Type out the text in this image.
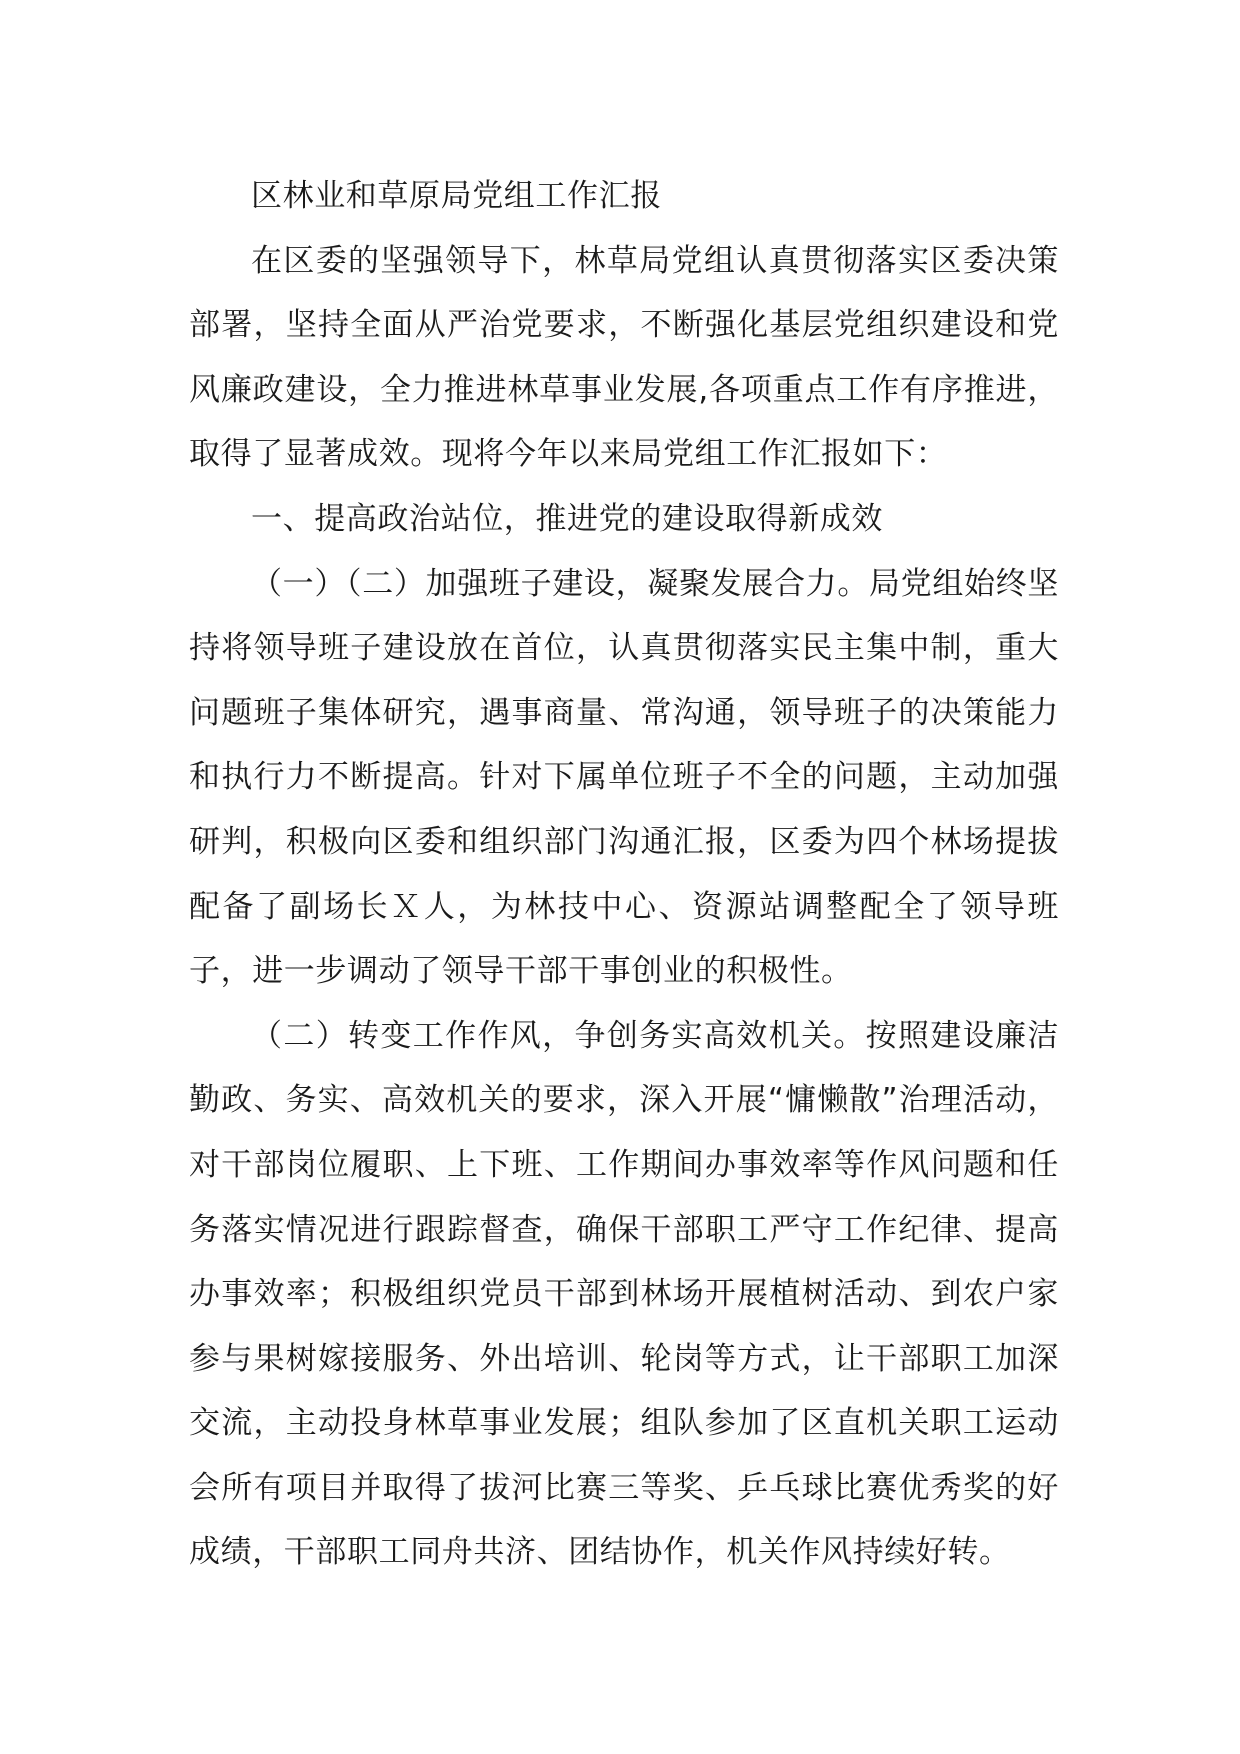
区林业和草原局党组工作汇报

在区委的坚强领导下，林草局党组认真贯彻落实区委决策部署，坚持全面从严治党要求，不断强化基层党组织建设和党风廉政建设，全力推进林草事业发展,各项重点工作有序推进，取得了显著成效。现将今年以来局党组工作汇报如下：

一、提高政治站位，推进党的建设取得新成效

（一）（二）加强班子建设，凝聚发展合力。局党组始终坚持将领导班子建设放在首位，认真贯彻落实民主集中制，重大问题班子集体研究，遇事商量、常沟通，领导班子的决策能力和执行力不断提高。针对下属单位班子不全的问题，主动加强研判，积极向区委和组织部门沟通汇报，区委为四个林场提拔配备了副场长Ｘ人，为林技中心、资源站调整配全了领导班子，进一步调动了领导干部干事创业的积极性。

（二）转变工作作风，争创务实高效机关。按照建设廉洁勤政、务实、高效机关的要求，深入开展“慵懒散”治理活动，对干部岗位履职、上下班、工作期间办事效率等作风问题和任务落实情况进行跟踪督查，确保干部职工严守工作纪律、提高办事效率；积极组织党员干部到林场开展植树活动、到农户家参与果树嫁接服务、外出培训、轮岗等方式，让干部职工加深交流，主动投身林草事业发展；组队参加了区直机关职工运动会所有项目并取得了拔河比赛三等奖、乒乓球比赛优秀奖的好成绩，干部职工同舟共济、团结协作，机关作风持续好转。
